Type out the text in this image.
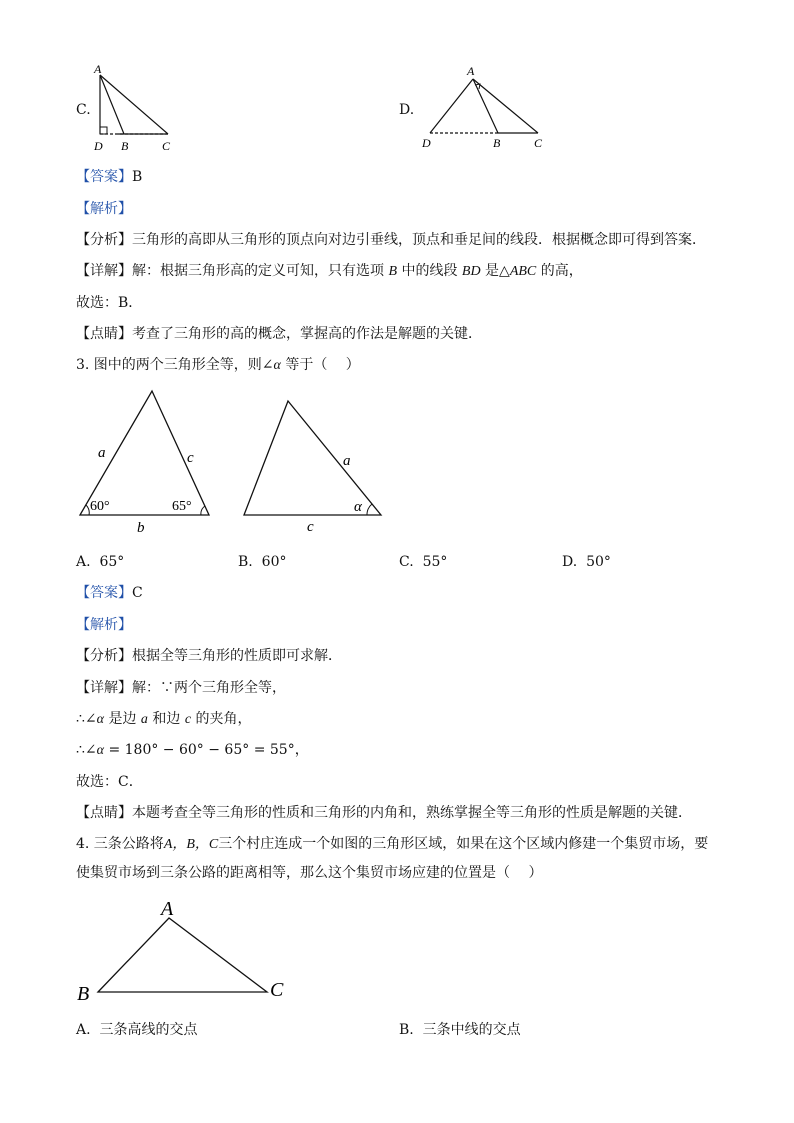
C.
A
D B	C
D.
A
D	B	C
【答案】B
【解析】
【分析】三角形的高即从三角形的顶点向对边引垂线，顶点和垂足间的线段．根据概念即可得到答案．
【详解】解：根据三角形高的定义可知，只有选项 B 中的线段 BD 是△ABC 的高，
故选：B．
【点睛】考查了三角形的高的概念，掌握高的作法是解题的关键．
3. 图中的两个三角形全等，则∠α 等于（　 ）
a	c
b
60°	65°
a
c
α
A. 65°	B. 60°	C. 55°	D. 50°
【答案】C
【解析】
【分析】根据全等三角形的性质即可求解．
【详解】解：∵两个三角形全等，
∴∠α 是边 a 和边 c 的夹角，
∴∠α = 180° − 60° − 65° = 55°，
故选：C．
【点睛】本题考查全等三角形的性质和三角形的内角和，熟练掌握全等三角形的性质是解题的关键．
4. 三条公路将A，B，C三个村庄连成一个如图的三角形区域，如果在这个区域内修建一个集贸市场，要
使集贸市场到三条公路的距离相等，那么这个集贸市场应建的位置是（　 ）
A
B	C
A. 三条高线的交点	B. 三条中线的交点
